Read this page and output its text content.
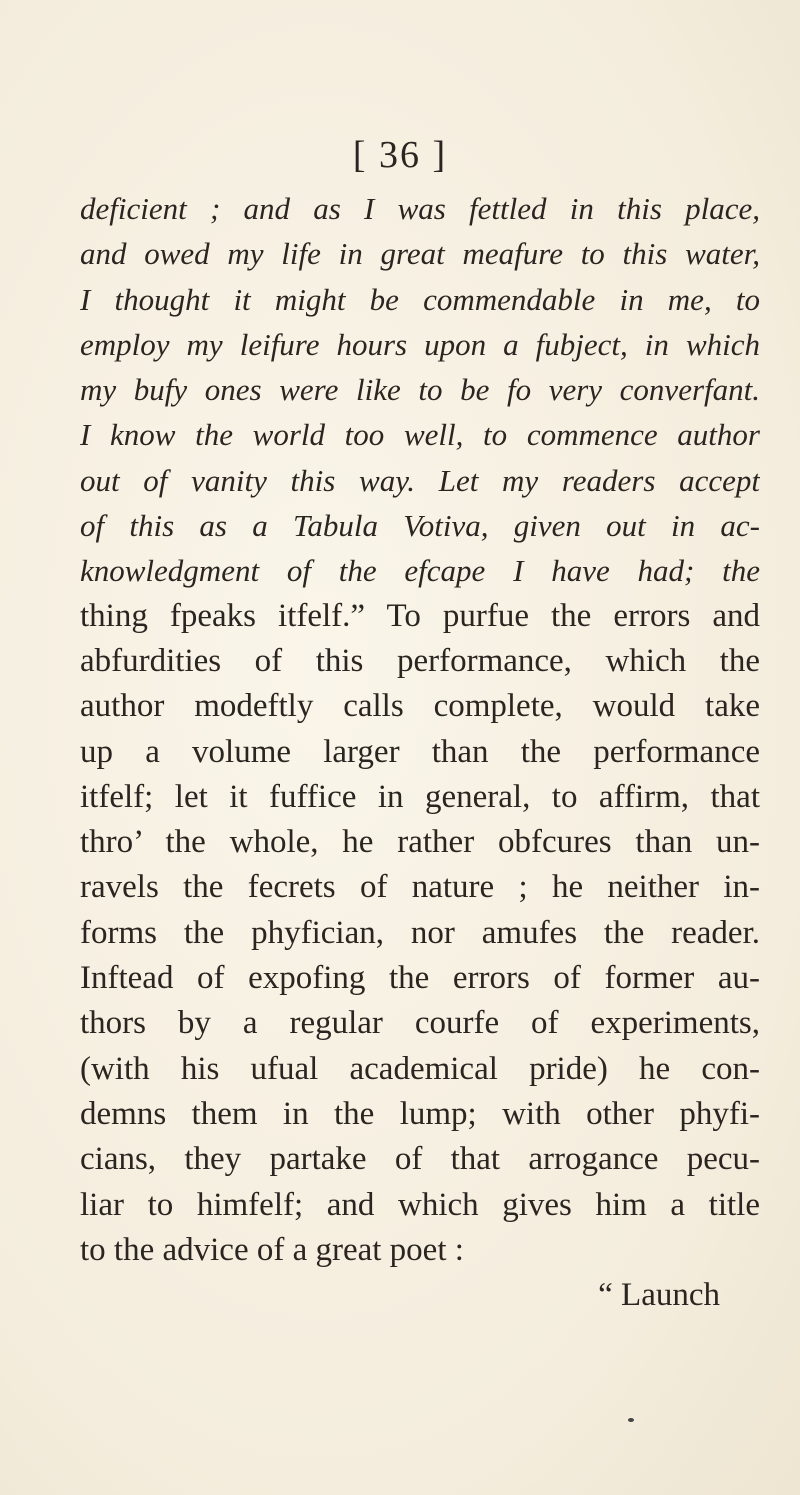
[ 36 ]
deficient ; and as I was fettled in this place,
and owed my life in great meafure to this water,
I thought it might be commendable in me, to
employ my leifure hours upon a fubject, in which
my bufy ones were like to be fo very converfant.
I know the world too well, to commence author
out of vanity this way. Let my readers accept
of this as a Tabula Votiva, given out in ac-
knowledgment of the efcape I have had; the
thing fpeaks itfelf.” To purfue the errors and
abfurdities of this performance, which the
author modeftly calls complete, would take
up a volume larger than the performance
itfelf; let it fuffice in general, to affirm, that
thro’ the whole, he rather obfcures than un-
ravels the fecrets of nature ; he neither in-
forms the phyfician, nor amufes the reader.
Inftead of expofing the errors of former au-
thors by a regular courfe of experiments,
(with his ufual academical pride) he con-
demns them in the lump; with other phyfi-
cians, they partake of that arrogance pecu-
liar to himfelf; and which gives him a title
to the advice of a great poet :
“ Launch
